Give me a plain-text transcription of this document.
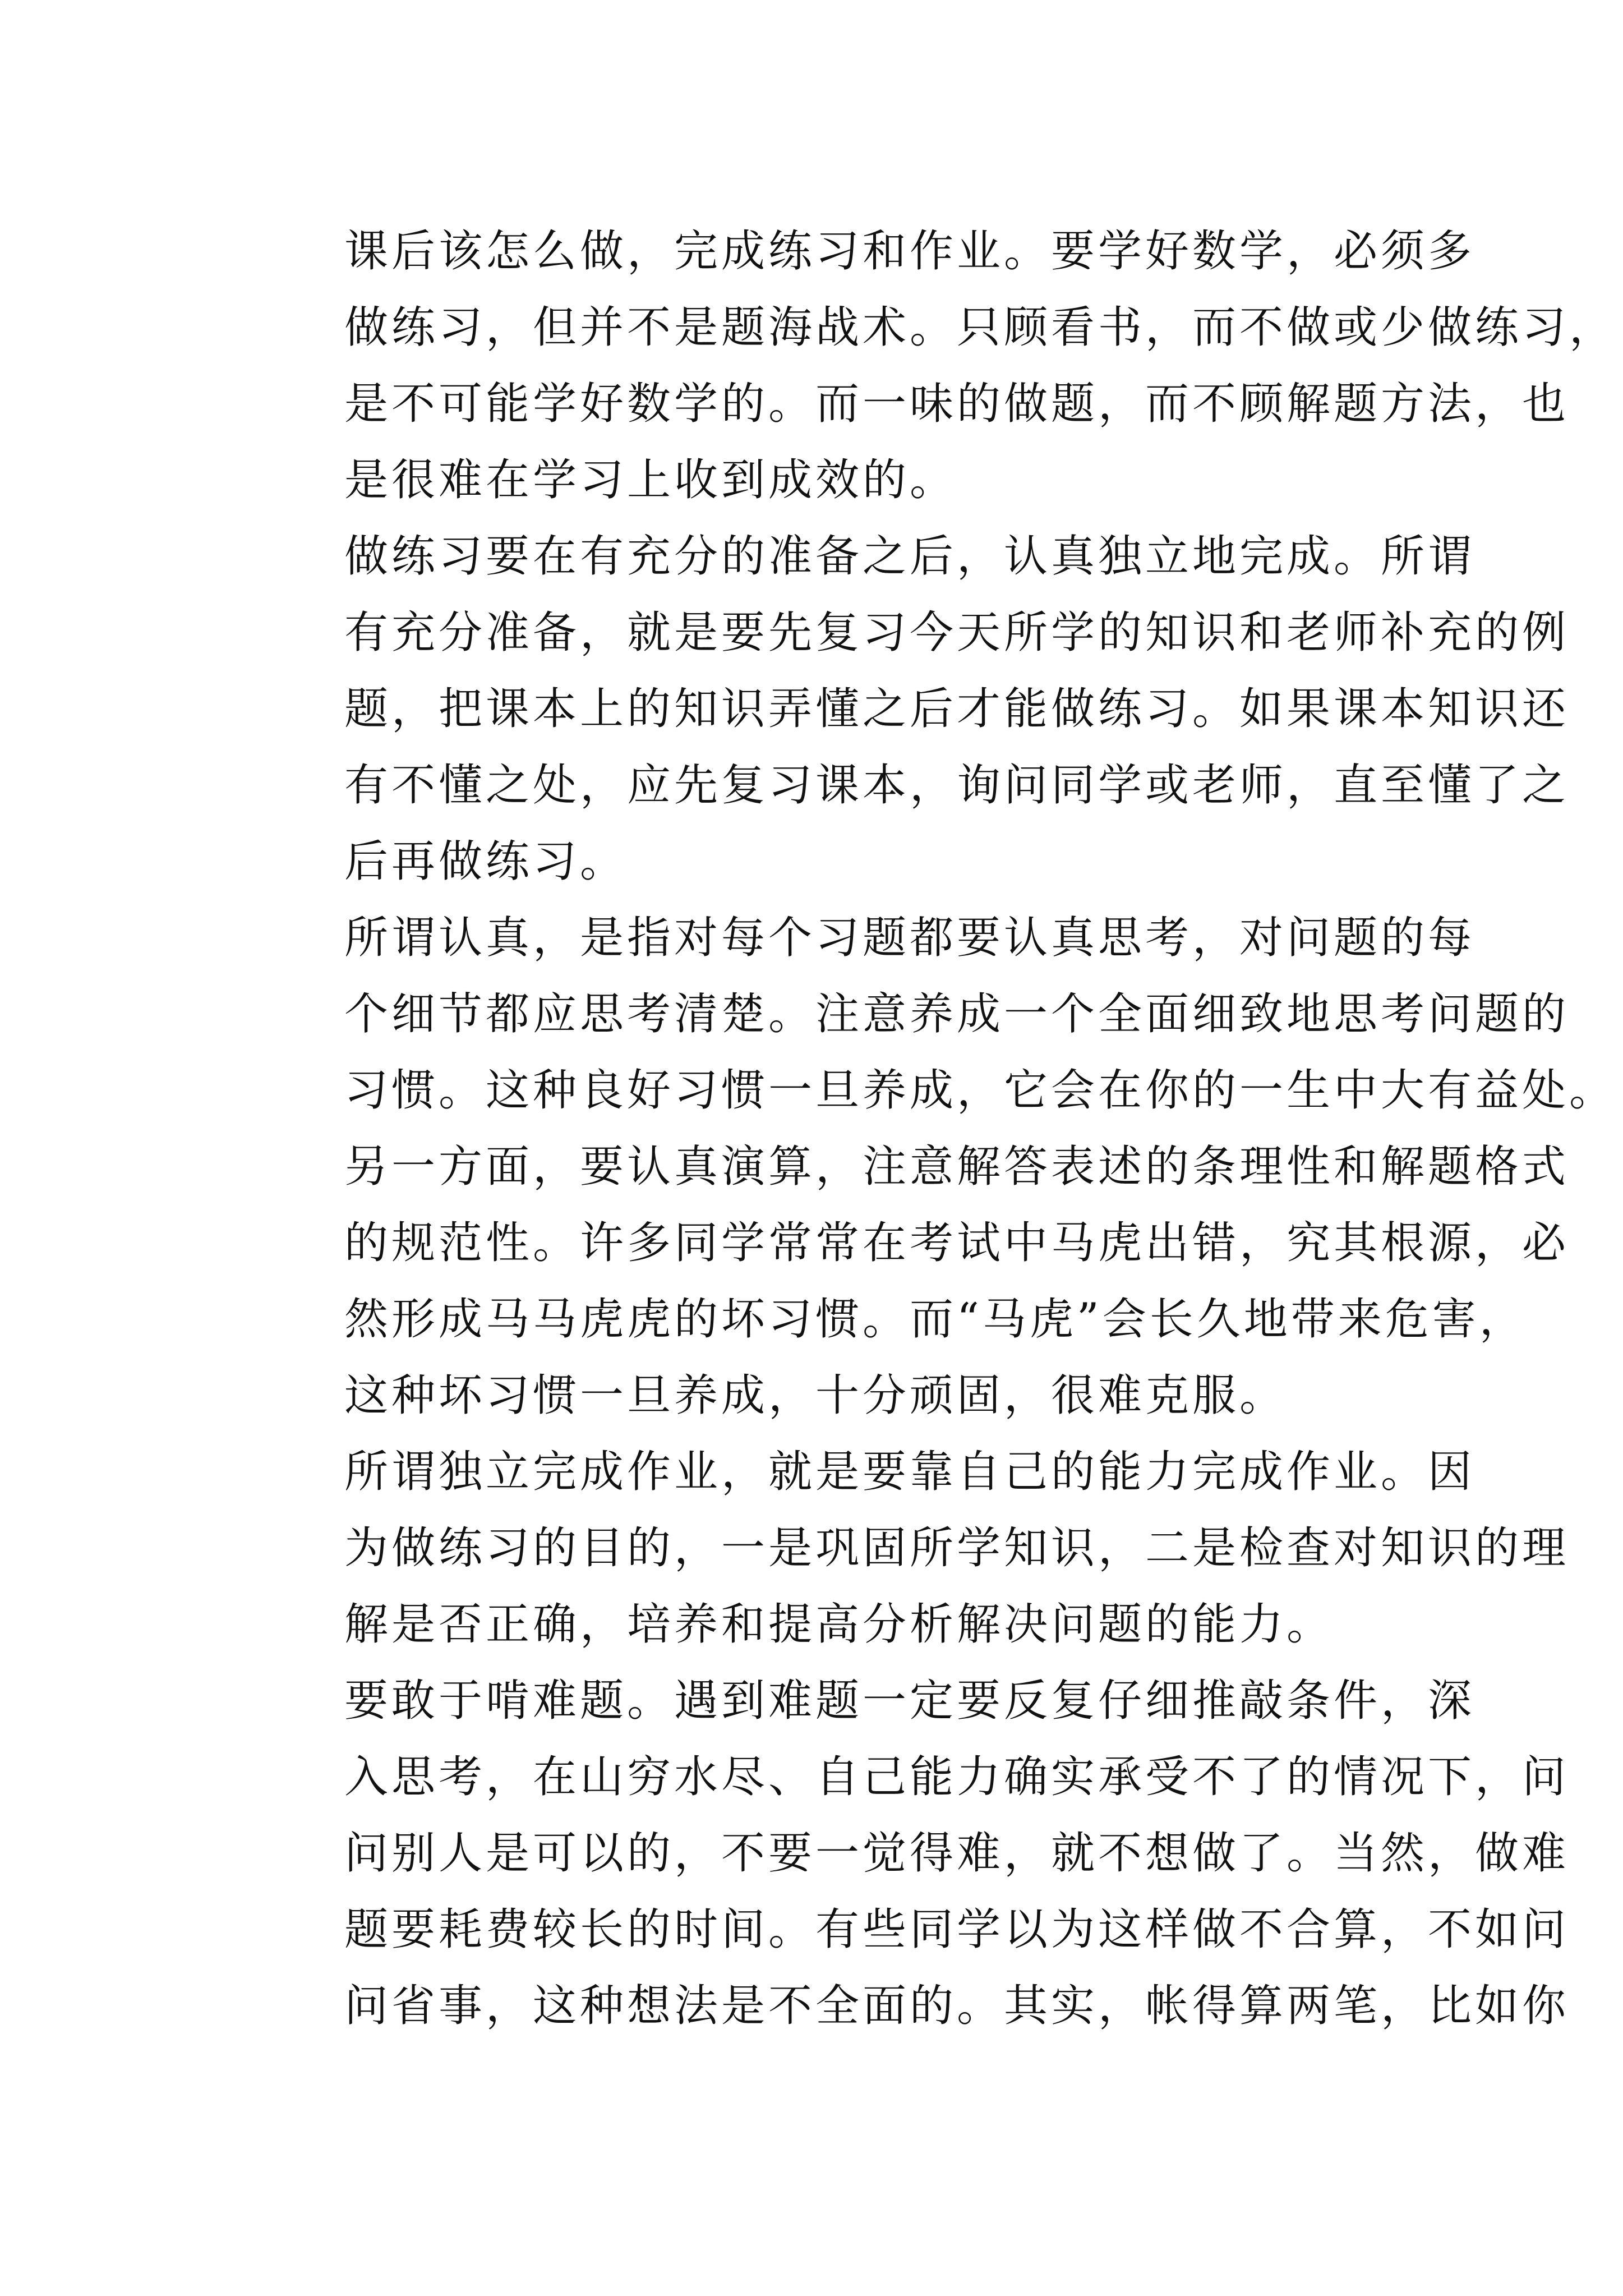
课后该怎么做，完成练习和作业。要学好数学，必须多
做练习，但并不是题海战术。只顾看书，而不做或少做练习，
是不可能学好数学的。而一味的做题，而不顾解题方法，也
是很难在学习上收到成效的。

做练习要在有充分的准备之后，认真独立地完成。所谓
有充分准备，就是要先复习今天所学的知识和老师补充的例
题，把课本上的知识弄懂之后才能做练习。如果课本知识还
有不懂之处，应先复习课本，询问同学或老师，直至懂了之
后再做练习。

所谓认真，是指对每个习题都要认真思考，对问题的每
个细节都应思考清楚。注意养成一个全面细致地思考问题的
习惯。这种良好习惯一旦养成，它会在你的一生中大有益处。
另一方面，要认真演算，注意解答表述的条理性和解题格式
的规范性。许多同学常常在考试中马虎出错，究其根源，必
然形成马马虎虎的坏习惯。而“马虎”会长久地带来危害，
这种坏习惯一旦养成，十分顽固，很难克服。

所谓独立完成作业，就是要靠自己的能力完成作业。因
为做练习的目的，一是巩固所学知识，二是检查对知识的理
解是否正确，培养和提高分析解决问题的能力。

要敢于啃难题。遇到难题一定要反复仔细推敲条件，深
入思考，在山穷水尽、自己能力确实承受不了的情况下，问
问别人是可以的，不要一觉得难，就不想做了。当然，做难
题要耗费较长的时间。有些同学以为这样做不合算，不如问
问省事，这种想法是不全面的。其实，帐得算两笔，比如你
